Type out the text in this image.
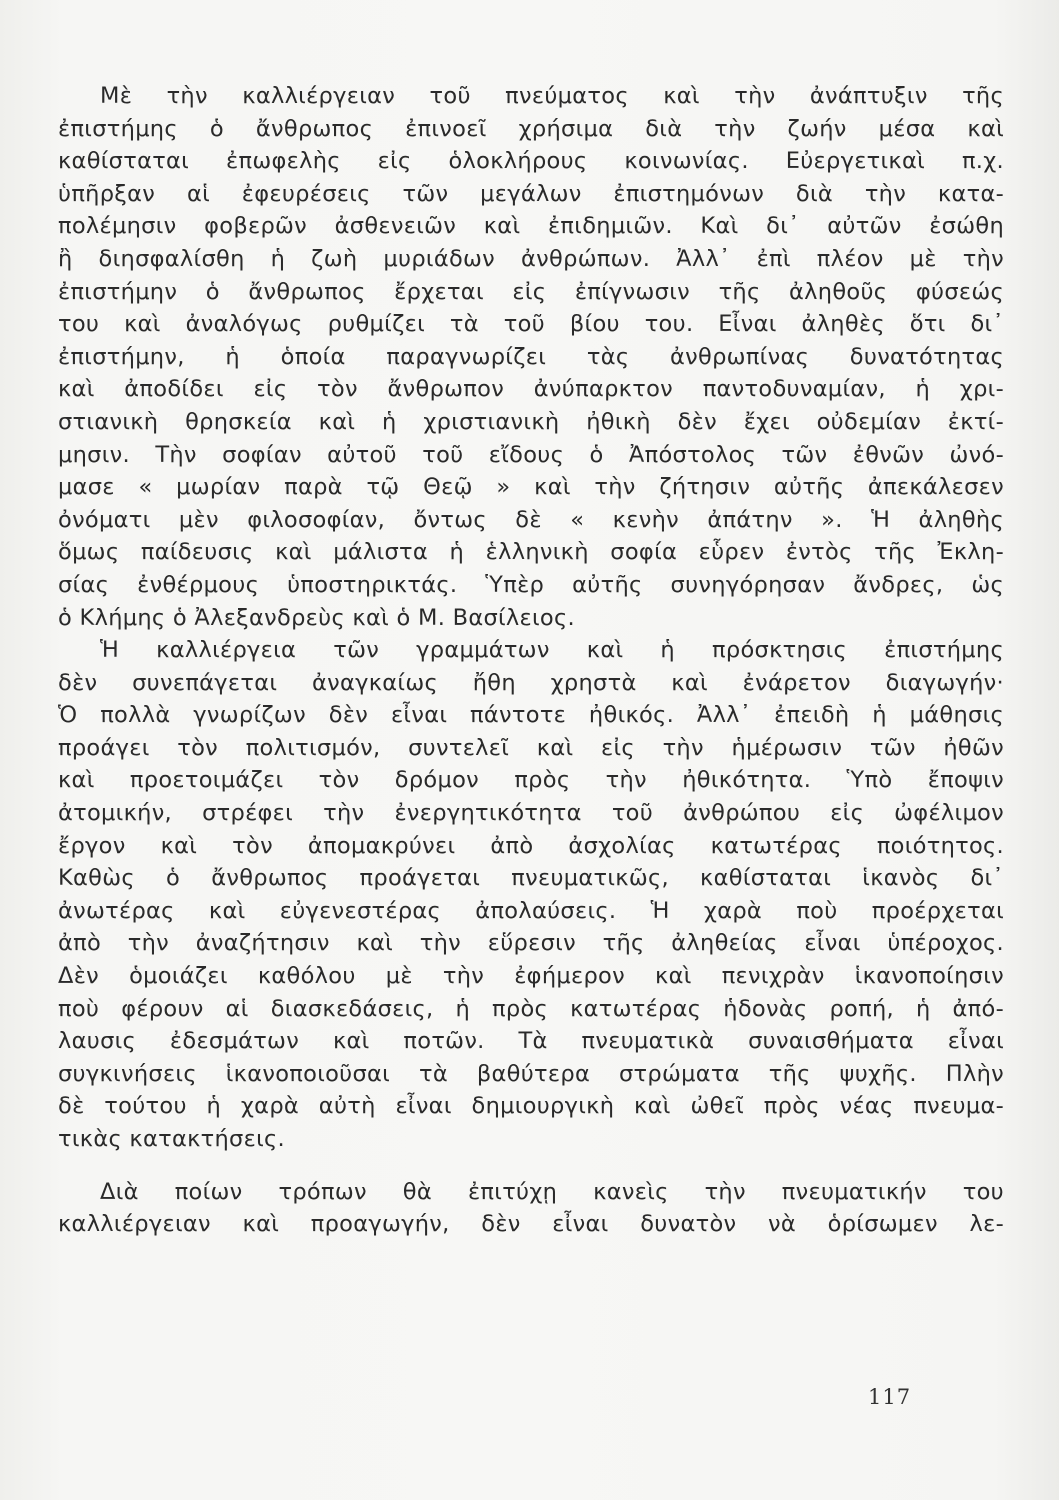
Μὲ τὴν καλλιέργειαν τοῦ πνεύματος καὶ τὴν ἀνάπτυξιν τῆς
ἐπιστήμης ὁ ἄνθρωπος ἐπινοεῖ χρήσιμα διὰ τὴν ζωήν μέσα καὶ
καθίσταται ἐπωφελὴς εἰς ὁλοκλήρους κοινωνίας. Εὐεργετικαὶ π.χ.
ὑπῆρξαν αἱ ἐφευρέσεις τῶν μεγάλων ἐπιστημόνων διὰ τὴν κατα-
πολέμησιν φοβερῶν ἀσθενειῶν καὶ ἐπιδημιῶν. Καὶ δι᾽ αὐτῶν ἐσώθη
ἢ διησφαλίσθη ἡ ζωὴ μυριάδων ἀνθρώπων. Ἀλλ᾽ ἐπὶ πλέον μὲ τὴν
ἐπιστήμην ὁ ἄνθρωπος ἔρχεται εἰς ἐπίγνωσιν τῆς ἀληθοῦς φύσεώς
του καὶ ἀναλόγως ρυθμίζει τὰ τοῦ βίου του. Εἶναι ἀληθὲς ὅτι δι᾽
ἐπιστήμην, ἡ ὁποία παραγνωρίζει τὰς ἀνθρωπίνας δυνατότητας
καὶ ἀποδίδει εἰς τὸν ἄνθρωπον ἀνύπαρκτον παντοδυναμίαν, ἡ χρι-
στιανικὴ θρησκεία καὶ ἡ χριστιανικὴ ἠθικὴ δὲν ἔχει οὐδεμίαν ἐκτί-
μησιν. Τὴν σοφίαν αὐτοῦ τοῦ εἴδους ὁ Ἀπόστολος τῶν ἐθνῶν ὠνό-
μασε « μωρίαν παρὰ τῷ Θεῷ » καὶ τὴν ζήτησιν αὐτῆς ἀπεκάλεσεν
ὀνόματι μὲν φιλοσοφίαν, ὄντως δὲ « κενὴν ἀπάτην ». Ἡ ἀληθὴς
ὅμως παίδευσις καὶ μάλιστα ἡ ἑλληνικὴ σοφία εὗρεν ἐντὸς τῆς Ἐκλη-
σίας ἐνθέρμους ὑποστηρικτάς. Ὑπὲρ αὐτῆς συνηγόρησαν ἄνδρες, ὡς
ὁ Κλήμης ὁ Ἀλεξανδρεὺς καὶ ὁ Μ. Βασίλειος.
Ἡ καλλιέργεια τῶν γραμμάτων καὶ ἡ πρόσκτησις ἐπιστήμης
δὲν συνεπάγεται ἀναγκαίως ἤθη χρηστὰ καὶ ἐνάρετον διαγωγήν·
Ὁ πολλὰ γνωρίζων δὲν εἶναι πάντοτε ἠθικός. Ἀλλ᾽ ἐπειδὴ ἡ μάθησις
προάγει τὸν πολιτισμόν, συντελεῖ καὶ εἰς τὴν ἡμέρωσιν τῶν ἠθῶν
καὶ προετοιμάζει τὸν δρόμον πρὸς τὴν ἠθικότητα. Ὑπὸ ἔποψιν
ἀτομικήν, στρέφει τὴν ἐνεργητικότητα τοῦ ἀνθρώπου εἰς ὠφέλιμον
ἔργον καὶ τὸν ἀπομακρύνει ἀπὸ ἀσχολίας κατωτέρας ποιότητος.
Καθὼς ὁ ἄνθρωπος προάγεται πνευματικῶς, καθίσταται ἱκανὸς δι᾽
ἀνωτέρας καὶ εὐγενεστέρας ἀπολαύσεις. Ἡ χαρὰ ποὺ προέρχεται
ἀπὸ τὴν ἀναζήτησιν καὶ τὴν εὕρεσιν τῆς ἀληθείας εἶναι ὑπέροχος.
Δὲν ὁμοιάζει καθόλου μὲ τὴν ἐφήμερον καὶ πενιχρὰν ἱκανοποίησιν
ποὺ φέρουν αἱ διασκεδάσεις, ἡ πρὸς κατωτέρας ἡδονὰς ροπή, ἡ ἀπό-
λαυσις ἐδεσμάτων καὶ ποτῶν. Τὰ πνευματικὰ συναισθήματα εἶναι
συγκινήσεις ἱκανοποιοῦσαι τὰ βαθύτερα στρώματα τῆς ψυχῆς. Πλὴν
δὲ τούτου ἡ χαρὰ αὐτὴ εἶναι δημιουργικὴ καὶ ὠθεῖ πρὸς νέας πνευμα-
τικὰς κατακτήσεις.
Διὰ ποίων τρόπων θὰ ἐπιτύχῃ κανεὶς τὴν πνευματικήν του
καλλιέργειαν καὶ προαγωγήν, δὲν εἶναι δυνατὸν νὰ ὁρίσωμεν λε-
117
